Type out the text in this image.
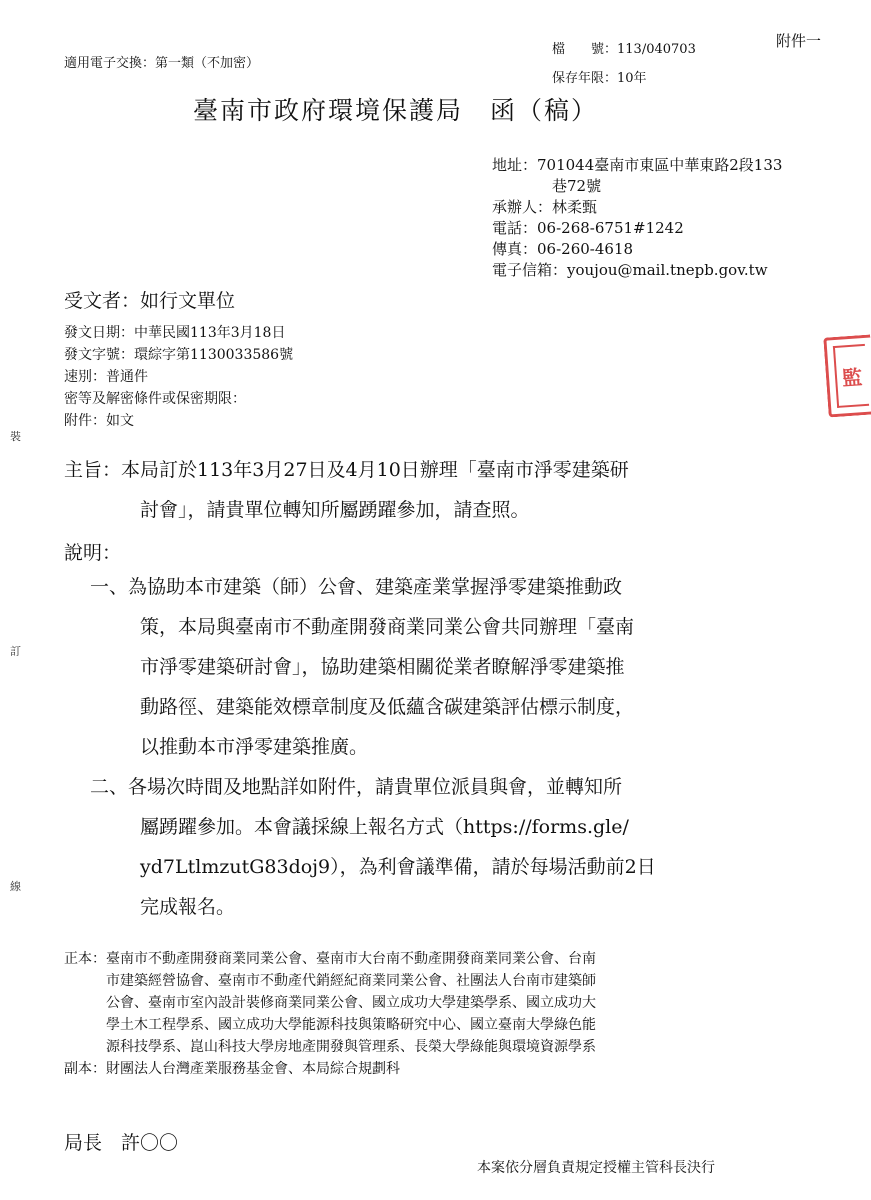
附件一
檔　　號：113/040703
保存年限：10年
適用電子交換：第一類（不加密）
臺南市政府環境保護局　函（稿）
地址：701044臺南市東區中華東路2段133
巷72號
承辦人：林柔甄
電話：06-268-6751#1242
傳真：06-260-4618
電子信箱：youjou@mail.tnepb.gov.tw
受文者：如行文單位
發文日期：中華民國113年3月18日
發文字號：環綜字第1130033586號
速別：普通件
密等及解密條件或保密期限：
附件：如文
監
裝
訂
線
主旨：本局訂於113年3月27日及4月10日辦理「臺南市淨零建築研
討會」，請貴單位轉知所屬踴躍參加，請查照。
說明：
一、為協助本市建築（師）公會、建築產業掌握淨零建築推動政
策，本局與臺南市不動產開發商業同業公會共同辦理「臺南
市淨零建築研討會」，協助建築相關從業者瞭解淨零建築推
動路徑、建築能效標章制度及低蘊含碳建築評估標示制度，
以推動本市淨零建築推廣。
二、各場次時間及地點詳如附件，請貴單位派員與會，並轉知所
屬踴躍參加。本會議採線上報名方式（https://forms.gle/
yd7LtlmzutG83doj9），為利會議準備，請於每場活動前2日
完成報名。
正本： 臺南市不動產開發商業同業公會、臺南市大台南不動產開發商業同業公會、台南
市建築經營協會、臺南市不動產代銷經紀商業同業公會、社團法人台南市建築師
公會、臺南市室內設計裝修商業同業公會、國立成功大學建築學系、國立成功大
學土木工程學系、國立成功大學能源科技與策略研究中心、國立臺南大學綠色能
源科技學系、崑山科技大學房地產開發與管理系、長榮大學綠能與環境資源學系
副本： 財團法人台灣產業服務基金會、本局綜合規劃科
局長　許〇〇
本案依分層負責規定授權主管科長決行
